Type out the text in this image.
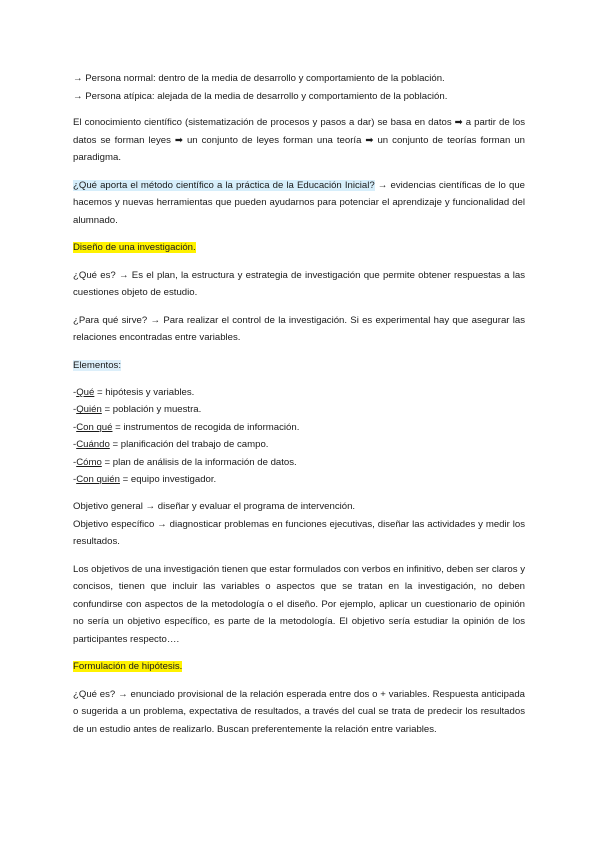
→ Persona normal: dentro de la media de desarrollo y comportamiento de la población.

→ Persona atípica: alejada de la media de desarrollo y comportamiento de la población.

El conocimiento científico (sistematización de procesos y pasos a dar) se basa en datos ➡ a partir de los datos se forman leyes ➡ un conjunto de leyes forman una teoría ➡ un conjunto de teorías forman un paradigma.

¿Qué aporta el método científico a la práctica de la Educación Inicial? → evidencias científicas de lo que hacemos y nuevas herramientas que pueden ayudarnos para potenciar el aprendizaje y funcionalidad del alumnado.

Diseño de una investigación.

¿Qué es? → Es el plan, la estructura y estrategia de investigación que permite obtener respuestas a las cuestiones objeto de estudio.

¿Para qué sirve? → Para realizar el control de la investigación. Si es experimental hay que asegurar las relaciones encontradas entre variables.

Elementos:

-Qué = hipótesis y variables.

-Quién = población y muestra.

-Con qué = instrumentos de recogida de información.

-Cuándo = planificación del trabajo de campo.

-Cómo = plan de análisis de la información de datos.

-Con quién = equipo investigador.

Objetivo general → diseñar y evaluar el programa de intervención.

Objetivo específico → diagnosticar problemas en funciones ejecutivas, diseñar las actividades y medir los resultados.

Los objetivos de una investigación tienen que estar formulados con verbos en infinitivo, deben ser claros y concisos, tienen que incluir las variables o aspectos que se tratan en la investigación, no deben confundirse con aspectos de la metodología o el diseño. Por ejemplo, aplicar un cuestionario de opinión no sería un objetivo específico, es parte de la metodología. El objetivo sería estudiar la opinión de los participantes respecto….

Formulación de hipótesis.

¿Qué es? → enunciado provisional de la relación esperada entre dos o + variables. Respuesta anticipada o sugerida a un problema, expectativa de resultados, a través del cual se trata de predecir los resultados de un estudio antes de realizarlo. Buscan preferentemente la relación entre variables.
